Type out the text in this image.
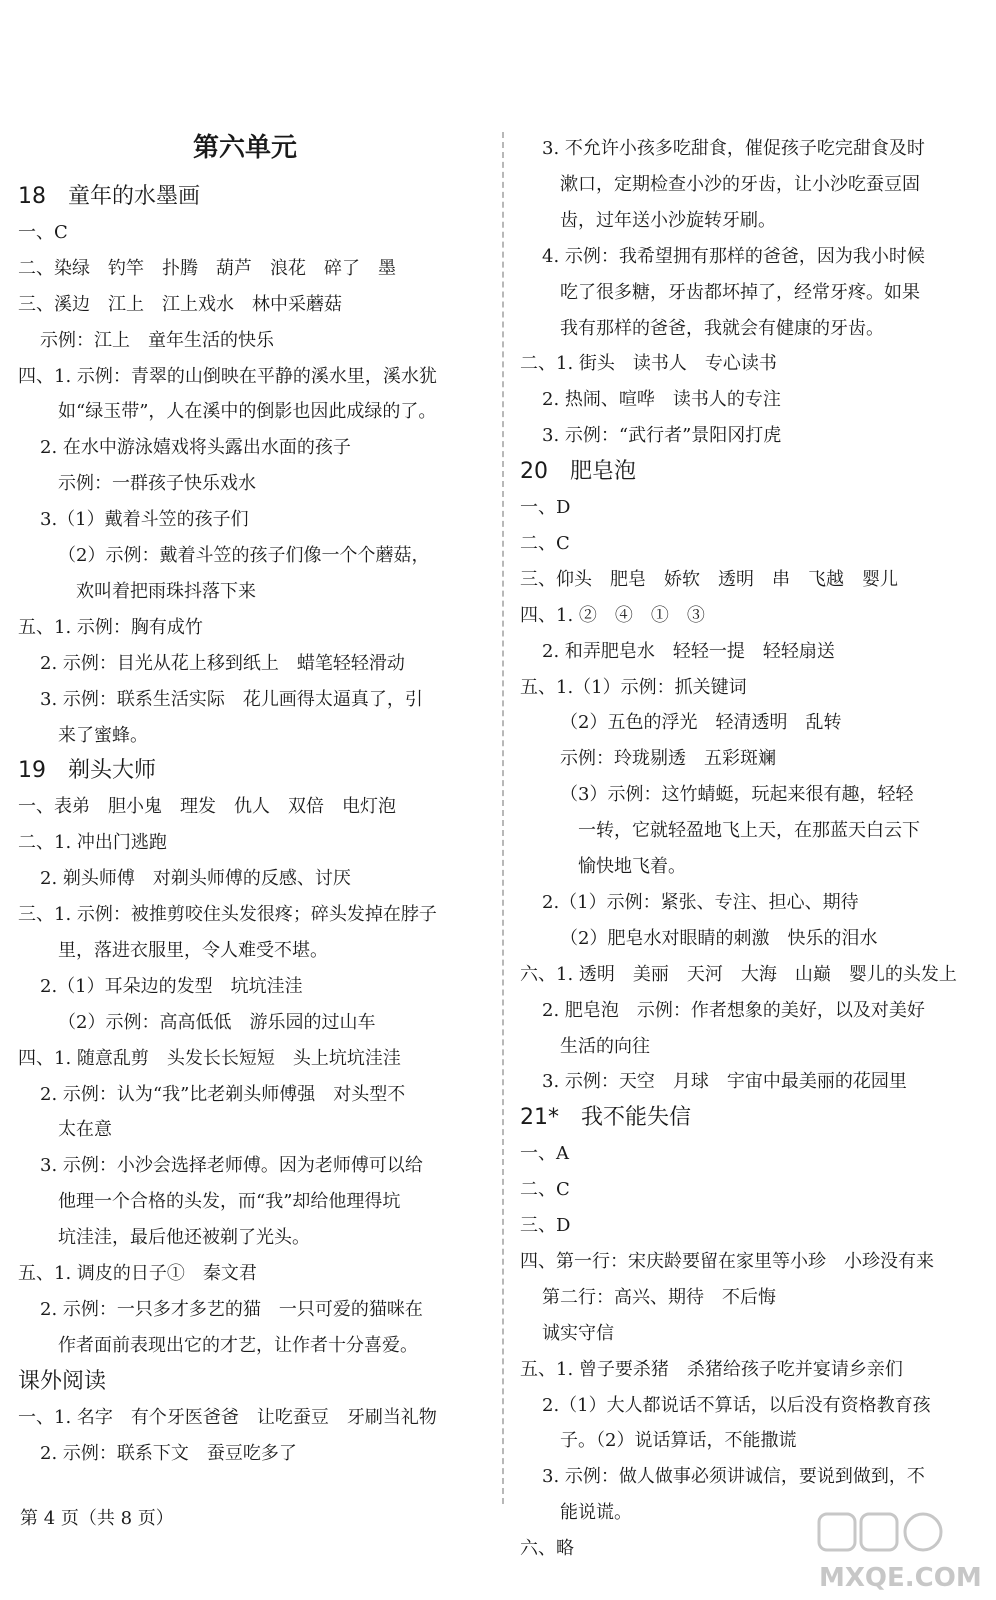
第六单元
18　童年的水墨画
一、C
二、染绿　钓竿　扑腾　葫芦　浪花　碎了　墨
三、溪边　江上　江上戏水　林中采蘑菇
示例：江上　童年生活的快乐
四、1. 示例：青翠的山倒映在平静的溪水里，溪水犹
如“绿玉带”，人在溪中的倒影也因此成绿的了。
2. 在水中游泳嬉戏将头露出水面的孩子
示例：一群孩子快乐戏水
3.（1）戴着斗笠的孩子们
（2）示例：戴着斗笠的孩子们像一个个蘑菇，
欢叫着把雨珠抖落下来
五、1. 示例：胸有成竹
2. 示例：目光从花上移到纸上　蜡笔轻轻滑动
3. 示例：联系生活实际　花儿画得太逼真了，引
来了蜜蜂。
19　剃头大师
一、表弟　胆小鬼　理发　仇人　双倍　电灯泡
二、1. 冲出门逃跑
2. 剃头师傅　对剃头师傅的反感、讨厌
三、1. 示例：被推剪咬住头发很疼；碎头发掉在脖子
里，落进衣服里，令人难受不堪。
2.（1）耳朵边的发型　坑坑洼洼
（2）示例：高高低低　游乐园的过山车
四、1. 随意乱剪　头发长长短短　头上坑坑洼洼
2. 示例：认为“我”比老剃头师傅强　对头型不
太在意
3. 示例：小沙会选择老师傅。因为老师傅可以给
他理一个合格的头发，而“我”却给他理得坑
坑洼洼，最后他还被剃了光头。
五、1. 调皮的日子①　秦文君
2. 示例：一只多才多艺的猫　一只可爱的猫咪在
作者面前表现出它的才艺，让作者十分喜爱。
课外阅读
一、1. 名字　有个牙医爸爸　让吃蚕豆　牙刷当礼物
2. 示例：联系下文　蚕豆吃多了
3. 不允许小孩多吃甜食，催促孩子吃完甜食及时
漱口，定期检查小沙的牙齿，让小沙吃蚕豆固
齿，过年送小沙旋转牙刷。
4. 示例：我希望拥有那样的爸爸，因为我小时候
吃了很多糖，牙齿都坏掉了，经常牙疼。如果
我有那样的爸爸，我就会有健康的牙齿。
二、1. 街头　读书人　专心读书
2. 热闹、喧哗　读书人的专注
3. 示例：“武行者”景阳冈打虎
20　肥皂泡
一、D
二、C
三、仰头　肥皂　娇软　透明　串　飞越　婴儿
四、1. ②　④　①　③
2. 和弄肥皂水　轻轻一提　轻轻扇送
五、1.（1）示例：抓关键词
（2）五色的浮光　轻清透明　乱转
示例：玲珑剔透　五彩斑斓
（3）示例：这竹蜻蜓，玩起来很有趣，轻轻
一转，它就轻盈地飞上天，在那蓝天白云下
愉快地飞着。
2.（1）示例：紧张、专注、担心、期待
（2）肥皂水对眼睛的刺激　快乐的泪水
六、1. 透明　美丽　天河　大海　山巅　婴儿的头发上
2. 肥皂泡　示例：作者想象的美好，以及对美好
生活的向往
3. 示例：天空　月球　宇宙中最美丽的花园里
21*　我不能失信
一、A
二、C
三、D
四、第一行：宋庆龄要留在家里等小珍　小珍没有来
第二行：高兴、期待　不后悔
诚实守信
五、1. 曾子要杀猪　杀猪给孩子吃并宴请乡亲们
2.（1）大人都说话不算话，以后没有资格教育孩
子。（2）说话算话，不能撒谎
3. 示例：做人做事必须讲诚信，要说到做到，不
能说谎。
六、略
第 4 页（共 8 页）
MXQE.COM
